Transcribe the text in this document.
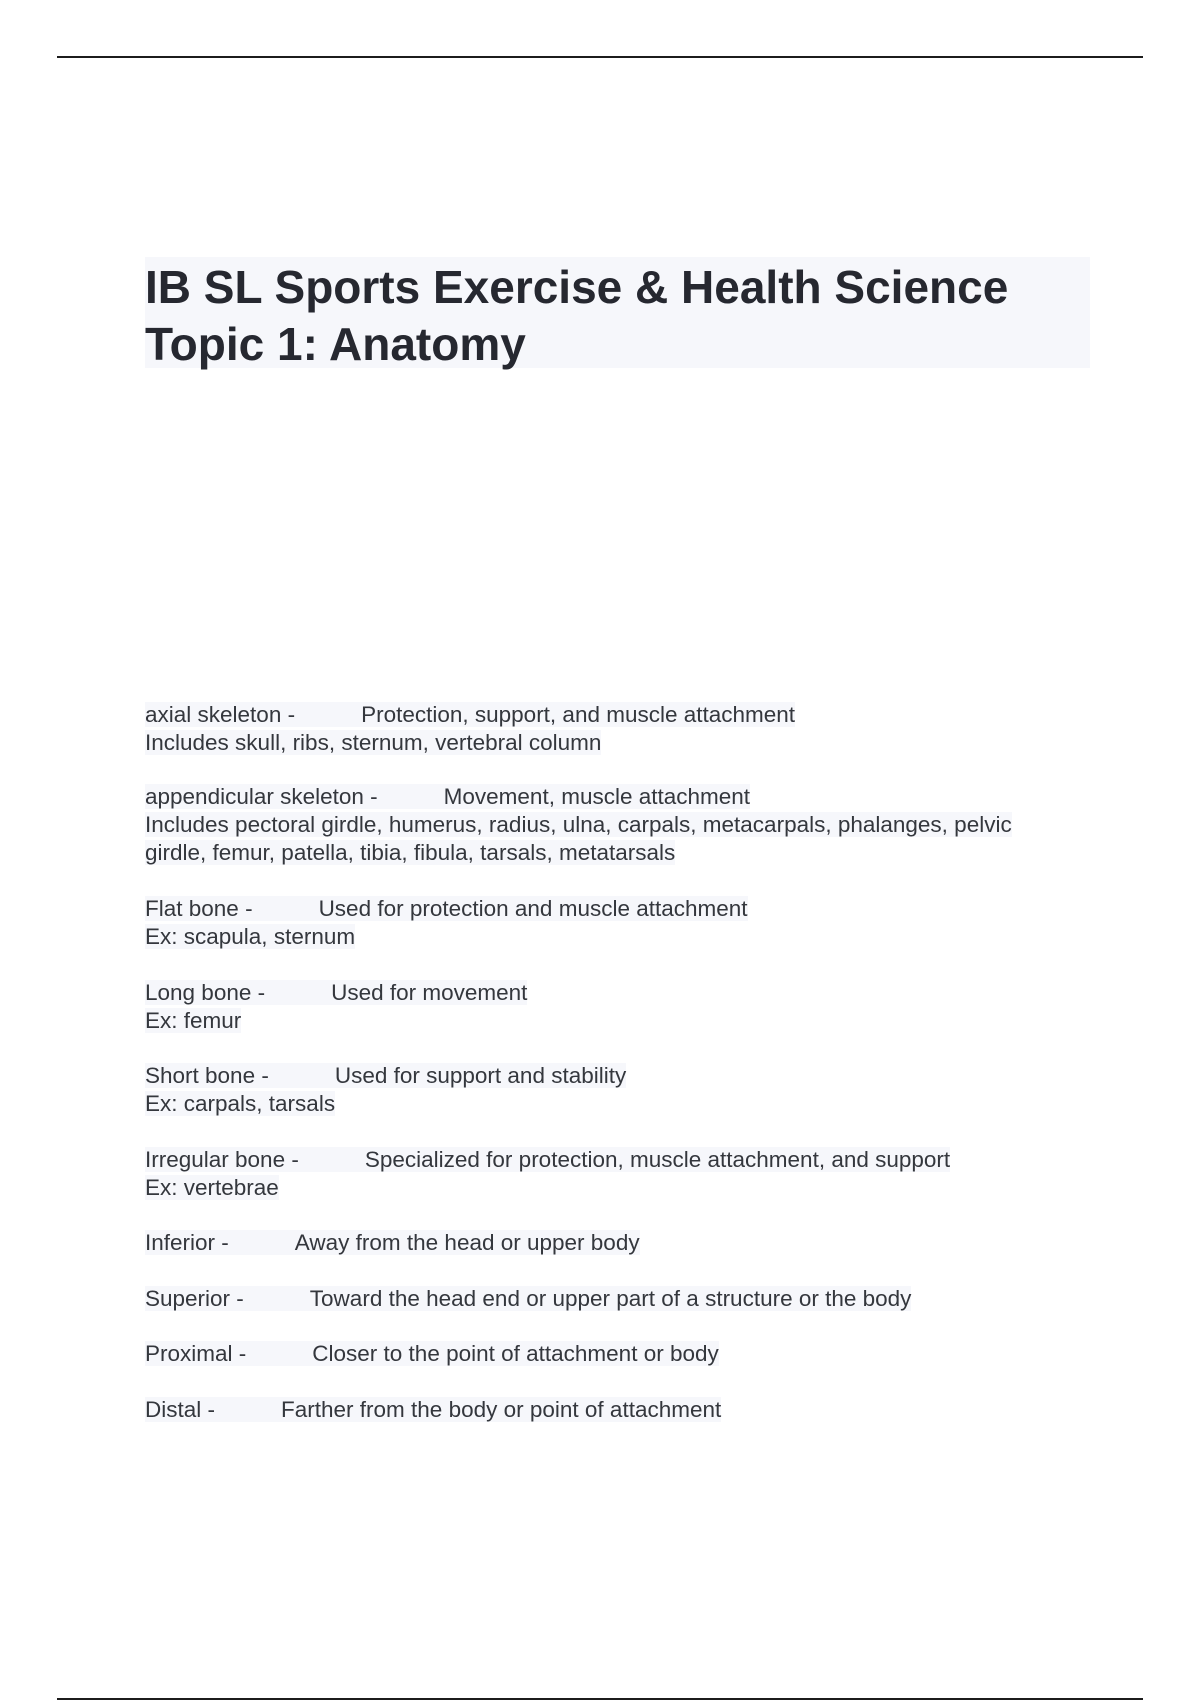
IB SL Sports Exercise & Health Science

Topic 1: Anatomy

axial skeleton -	Protection, support, and muscle attachment
Includes skull, ribs, sternum, vertebral column

appendicular skeleton -	Movement, muscle attachment
Includes pectoral girdle, humerus, radius, ulna, carpals, metacarpals, phalanges, pelvic
girdle, femur, patella, tibia, fibula, tarsals, metatarsals

Flat bone -	Used for protection and muscle attachment
Ex: scapula, sternum

Long bone -	Used for movement
Ex: femur

Short bone -	Used for support and stability
Ex: carpals, tarsals

Irregular bone -	Specialized for protection, muscle attachment, and support
Ex: vertebrae

Inferior -	Away from the head or upper body

Superior -	Toward the head end or upper part of a structure or the body

Proximal -	Closer to the point of attachment or body

Distal -	Farther from the body or point of attachment
